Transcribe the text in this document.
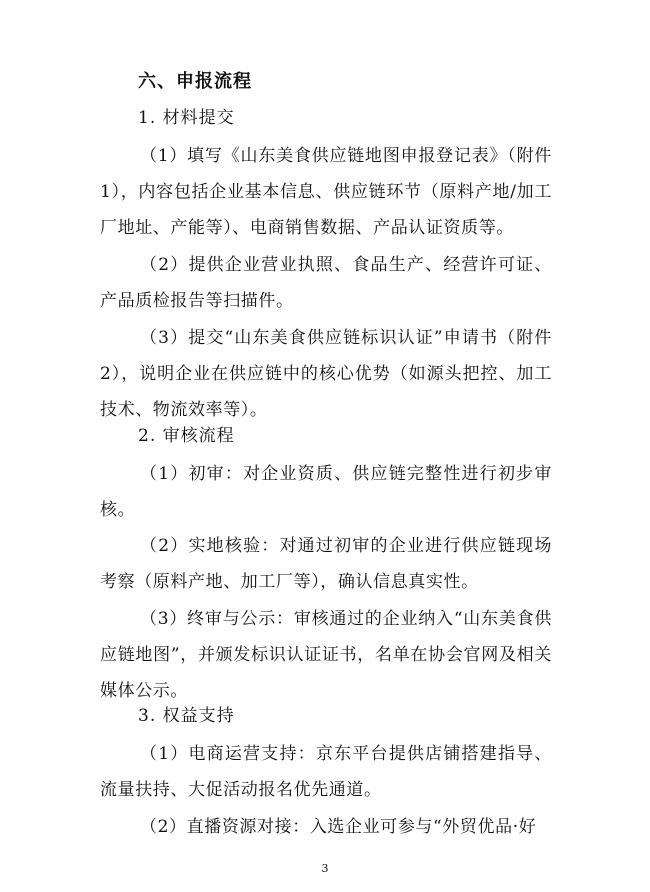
六、申报流程
1. 材料提交
（1）填写《山东美食供应链地图申报登记表》（附件1），内容包括企业基本信息、供应链环节（原料产地/加工厂地址、产能等）、电商销售数据、产品认证资质等。
（2）提供企业营业执照、食品生产、经营许可证、产品质检报告等扫描件。
（3）提交“山东美食供应链标识认证”申请书（附件2），说明企业在供应链中的核心优势（如源头把控、加工技术、物流效率等）。
2. 审核流程
（1）初审：对企业资质、供应链完整性进行初步审核。
（2）实地核验：对通过初审的企业进行供应链现场考察（原料产地、加工厂等），确认信息真实性。
（3）终审与公示：审核通过的企业纳入“山东美食供应链地图”，并颁发标识认证证书，名单在协会官网及相关媒体公示。
3. 权益支持
（1）电商运营支持：京东平台提供店铺搭建指导、流量扶持、大促活动报名优先通道。
（2）直播资源对接：入选企业可参与“外贸优品·好
3
